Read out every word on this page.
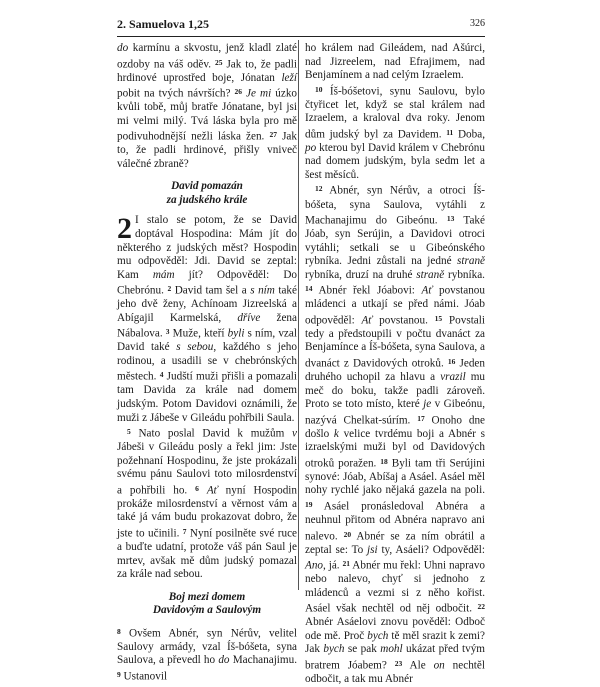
2. Samuelova 1,25	326

do karmínu a skvostu, jenž kladl zlaté ozdoby na váš oděv. $^{25}$ Jak to, že padli hrdinové uprostřed boje, Jónatan leží pobit na tvých návrších? $^{26}$ Je mi úzko kvůli tobě, můj bratře Jónatane, byl jsi mi velmi milý. Tvá láska byla pro mě podivuhodnější nežli láska žen. $^{27}$ Jak to, že padli hrdinové, přišly vniveč válečné zbraně?

David pomazán
za judského krále

2 I stalo se potom, že se David doptával Hospodina: Mám jít do některého z judských měst? Hospodin mu odpověděl: Jdi. David se zeptal: Kam mám jít? Odpověděl: Do Chebrónu. $^2$ David tam šel a s ním také jeho dvě ženy, Achínoam Jizreelská a Abígajil Karmelská, dříve žena Nábalova. $^3$ Muže, kteří byli s ním, vzal David také s sebou, každého s jeho rodinou, a usadili se v chebrónských městech. $^4$ Judští muži přišli a pomazali tam Davida za krále nad domem judským. Potom Davidovi oznámili, že muži z Jábeše v Gileádu pohřbili Saula.

$^5$ Nato poslal David k mužům v Jábeši v Gileádu posly a řekl jim: Jste požehnaní Hospodinu, že jste prokázali svému pánu Saulovi toto milosrdenství a pohřbili ho. $^6$ Ať nyní Hospodin prokáže milosrdenství a věrnost vám a také já vám budu prokazovat dobro, že jste to učinili. $^7$ Nyní posilněte své ruce a buďte udatní, protože váš pán Saul je mrtev, avšak mě dům judský pomazal za krále nad sebou.

Boj mezi domem
Davidovým a Saulovým

$^8$ Ovšem Abnér, syn Nérův, velitel Saulovy armády, vzal Íš-bóšeta, syna Saulova, a převedl ho do Machanajimu. $^9$ Ustanovil

ho králem nad Gileádem, nad Ašúrci, nad Jizreelem, nad Efrajimem, nad Benjamínem a nad celým Izraelem.

$^{10}$ Íš-bóšetovi, synu Saulovu, bylo čtyřicet let, když se stal králem nad Izraelem, a kraloval dva roky. Jenom dům judský byl za Davidem. $^{11}$ Doba, po kterou byl David králem v Chebrónu nad domem judským, byla sedm let a šest měsíců.

$^{12}$ Abnér, syn Nérův, a otroci Íš-bóšeta, syna Saulova, vytáhli z Machanajimu do Gibeónu. $^{13}$ Také Jóab, syn Serújin, a Davidovi otroci vytáhli; setkali se u Gibeónského rybníka. Jedni zůstali na jedné straně rybníka, druzí na druhé straně rybníka. $^{14}$ Abnér řekl Jóabovi: Ať povstanou mládenci a utkají se před námi. Jóab odpověděl: Ať povstanou. $^{15}$ Povstali tedy a předstoupili v počtu dvanáct za Benjamínce a Íš-bóšeta, syna Saulova, a dvanáct z Davidových otroků. $^{16}$ Jeden druhého uchopil za hlavu a vrazil mu meč do boku, takže padli zároveň. Proto se toto místo, které je v Gibeónu, nazývá Chelkat-súrím. $^{17}$ Onoho dne došlo k velice tvrdému boji a Abnér s izraelskými muži byl od Davidových otroků poražen. $^{18}$ Byli tam tři Serújini synové: Jóab, Abíšaj a Asáel. Asáel měl nohy rychlé jako nějaká gazela na poli. $^{19}$ Asáel pronásledoval Abnéra a neuhnul přitom od Abnéra napravo ani nalevo. $^{20}$ Abnér se za ním obrátil a zeptal se: To jsi ty, Asáeli? Odpověděl: Ano, já. $^{21}$ Abnér mu řekl: Uhni napravo nebo nalevo, chyť si jednoho z mládenců a vezmi si z něho kořist. Asáel však nechtěl od něj odbočit. $^{22}$ Abnér Asáelovi znovu pověděl: Odboč ode mě. Proč bych tě měl srazit k zemi? Jak bych se pak mohl ukázat před tvým bratrem Jóabem? $^{23}$ Ale on nechtěl odbočit, a tak mu Abnér
